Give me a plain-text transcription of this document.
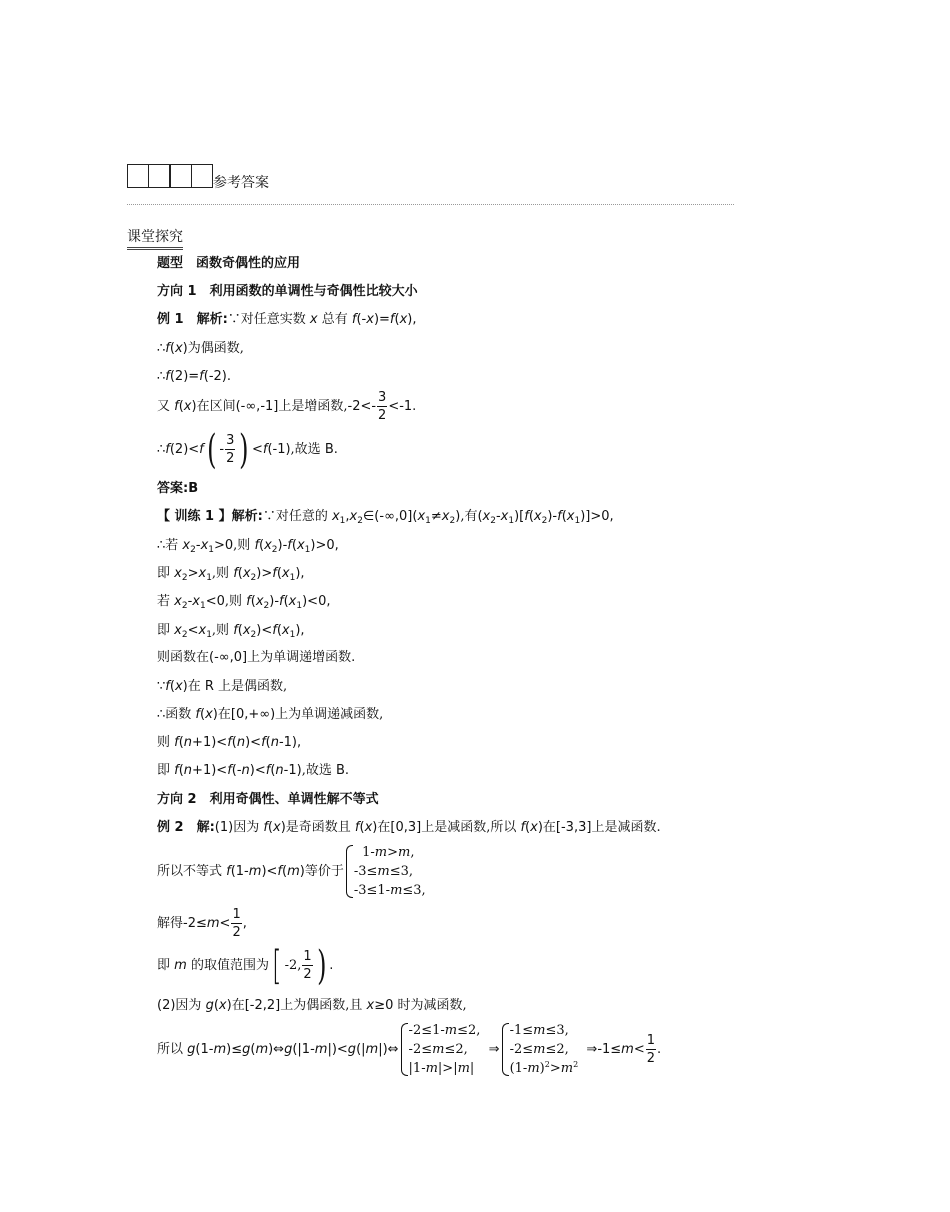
参考答案
课堂探究
题型　函数奇偶性的应用
方向 1　利用函数的单调性与奇偶性比较大小
例 1　解析:∵对任意实数 x 总有 f(-x)=f(x),
∴f(x)为偶函数,
∴f(2)=f(-2).
又 f(x)在区间(-∞,-1]上是增函数$,-2<- \frac{3}{2} <-1$.
∴f(2)<f( - $\frac{3}{2}$ ) <f(-1),故选 B.
答案:B
【 训练 1 】解析:∵对任意的 $x_1,x_2\in(-\infty,0](x_1\ne x_2)$,有$(x_2-x_1)[f(x_2)-f(x_1)]>0$,
∴若 $x_2-x_1>0$,则 $f(x_2)-f(x_1)>0$,
即 $x_2>x_1$,则 $f(x_2)>f(x_1)$,
若 $x_2-x_1<0$,则 $f(x_2)-f(x_1)<0$,
即 $x_2<x_1$,则 $f(x_2)<f(x_1)$,
则函数在(-∞,0]上为单调递增函数.
∵f(x)在 R 上是偶函数,
∴函数 f(x)在[0,+∞)上为单调递减函数,
则 f(n+1)<f(n)<f(n-1),
即 f(n+1)<f(-n)<f(n-1),故选 B.
方向 2　利用奇偶性、单调性解不等式
例 2　解:(1)因为 f(x)是奇函数且 f(x)在[0,3]上是减函数,所以 f(x)在[-3,3]上是减函数.
所以不等式 f(1-m)<f(m)等价于
1-m>m,
-3≤m≤3,
-3≤1-m≤3,
解得$-2\le m< \frac{1}{2}$ ,
即 m 的取值范围为[ -2, $\frac{1}{2}$ ) .
(2)因为 g(x)在[-2,2]上为偶函数,且 x≥0 时为减函数,
所以 g(1-m)≤g(m)⇔g(|1-m|)<g(|m|)⇔
-2≤1-m≤2,
-2≤m≤2,
|1-m|>|m|
⇒
-1≤m≤3,
-2≤m≤2,
$(1-m)^2>m^2$
⇒-1≤m< $\frac{1}{2}$ .
